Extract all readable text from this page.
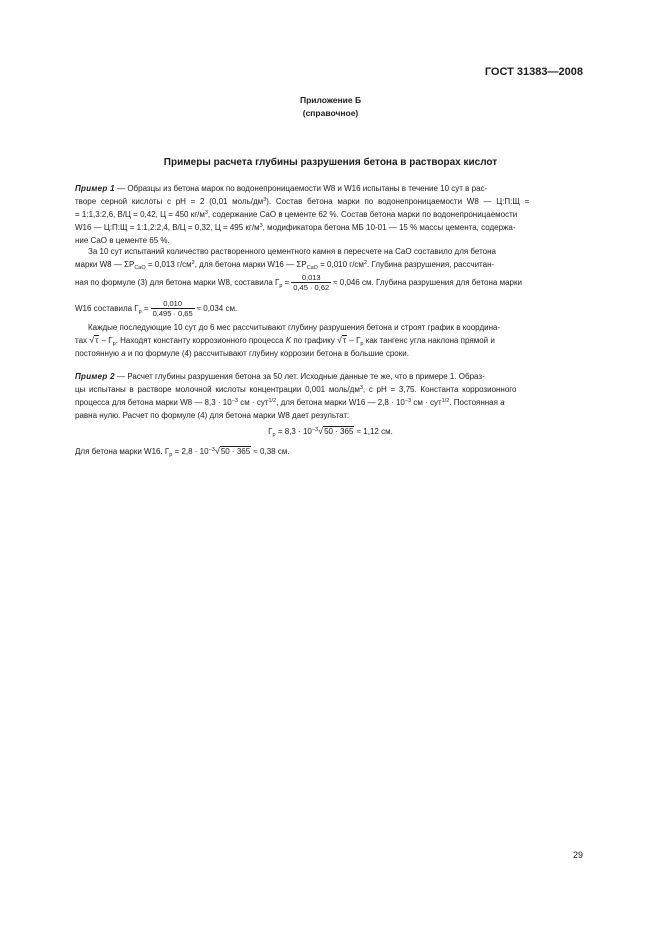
ГОСТ 31383—2008
Приложение Б
(справочное)
Примеры расчета глубины разрушения бетона в растворах кислот
Пример 1 — Образцы из бетона марок по водонепроницаемости W8 и W16 испытаны в течение 10 сут в рас-
творе серной кислоты с pH = 2 (0,01 моль/$дм^3$). Состав бетона марки по водонепроницаемости W8 — Ц:П:Щ =
= 1:1,3:2,6, В/Ц = 0,42, Ц = 450 $кг/м^3$, содержание CaO в цементе 62 %. Состав бетона марки по водонепроницаемости
W16 — Ц:П:Щ = 1:1,2:2,4, В/Ц = 0,32, Ц = 495 $кг/м^3$, модификатора бетона МБ 10-01 — 15 % массы цемента, содержа-
ние CaO в цементе 65 %.
За 10 сут испытаний количество растворенного цементного камня в пересчете на CaO составило для бетона
марки W8 — $\Sigma P_{CaO} = 0,013$ $г/см^2$, для бетона марки W16 — $\Sigma P_{CaO} = 0,010$ $г/см^2$. Глубина разрушения, рассчитан-
ная по формуле (3) для бетона марки W8, составила $Г_р = \frac{0,013}{0,45 \cdot 0,62} \approx 0,046$ см. Глубина разрушения для бетона марки
W16 составила $Г_р = \frac{0,010}{0,495 \cdot 0,65} \approx 0,034$ см.
Каждые последующие 10 сут до 6 мес рассчитывают глубину разрушения бетона и строят график в координа-
тах $√\tau - Г_р$. Находят константу коррозионного процесса K по графику $√\tau - Г_р$ как тангенс угла наклона прямой и
постоянную a и по формуле (4) рассчитывают глубину коррозии бетона в большие сроки.
Пример 2 — Расчет глубины разрушения бетона за 50 лет. Исходные данные те же, что в примере 1. Образ-
цы испытаны в растворе молочной кислоты концентрации 0,001 моль/$дм^3$, с pH = 3,75. Константа коррозионного
процесса для бетона марки W8 — $8,3 \cdot 10^{-3}$ см · сут$^{1/2}$, для бетона марки W16 — $2,8 \cdot 10^{-3}$ см · сут$^{1/2}$. Постоянная a
равна нулю. Расчет по формуле (4) для бетона марки W8 дает результат:
$Г_р = 8,3 \cdot 10^{-3}√50 \cdot 365 \approx 1,12$ см.
Для бетона марки W16. $Г_р = 2,8 \cdot 10^{-3}√50 \cdot 365 \approx 0,38$ см.
29
